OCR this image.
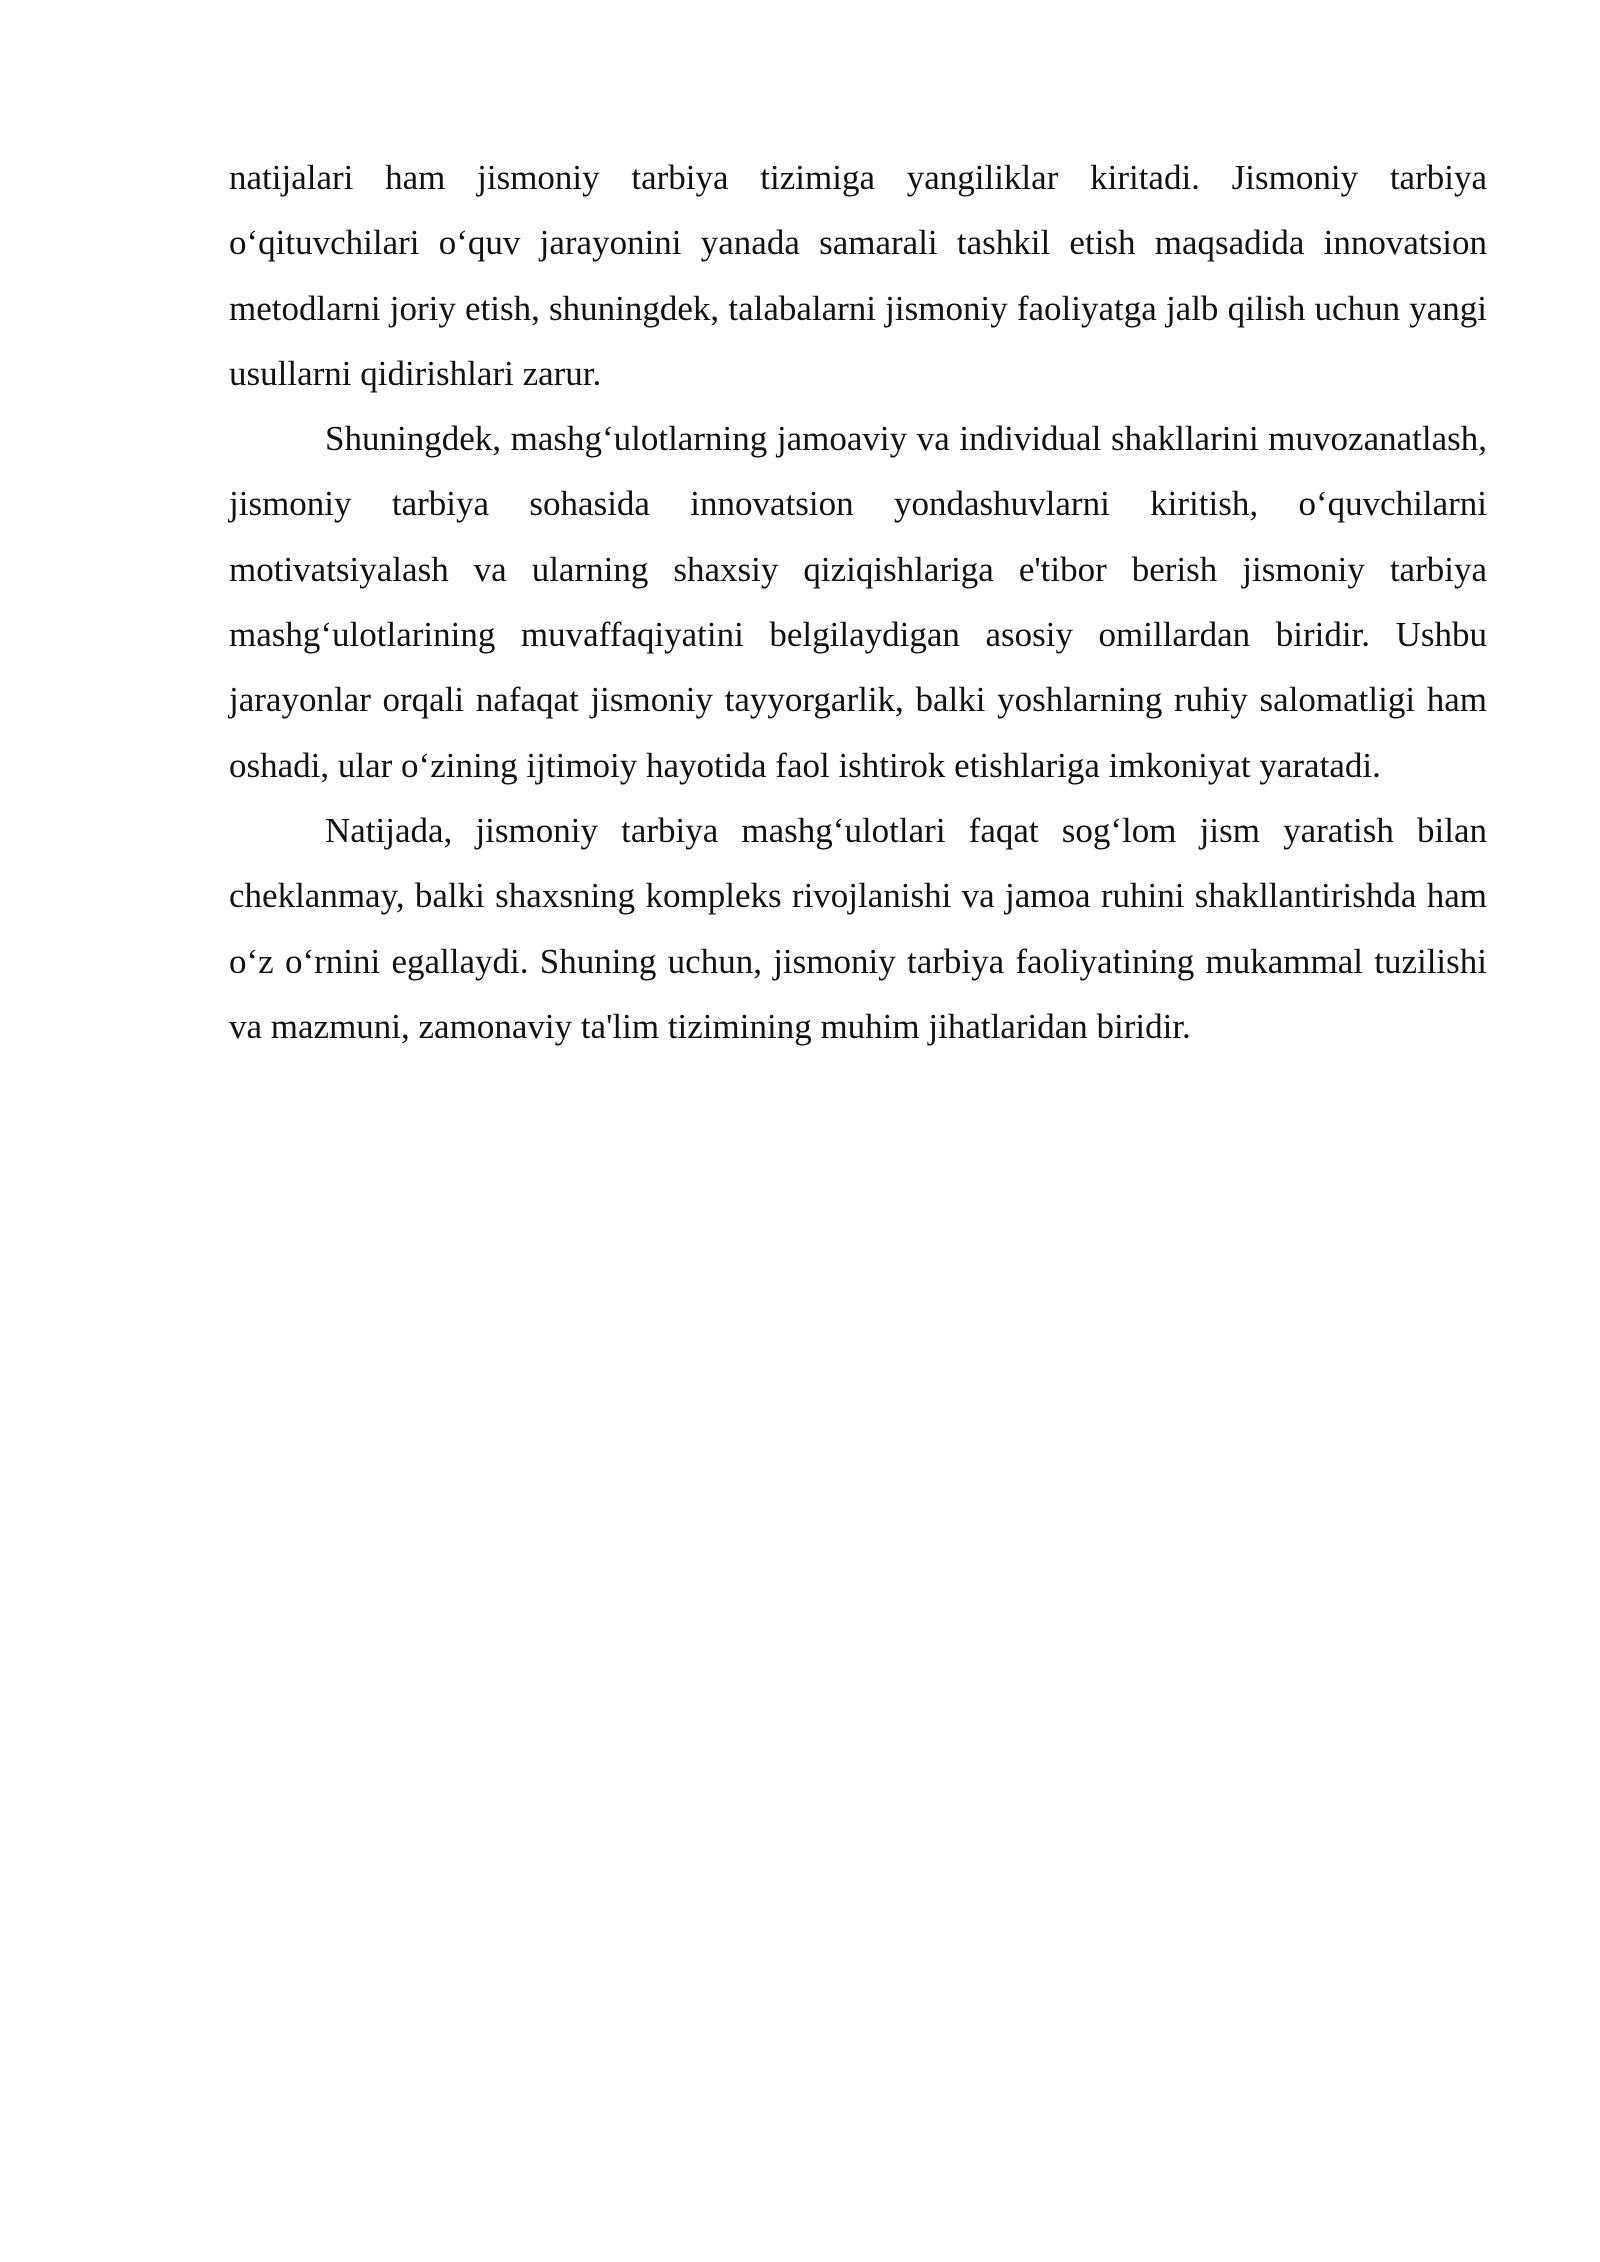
natijalari ham jismoniy tarbiya tizimiga yangiliklar kiritadi. Jismoniy tarbiya oʻqituvchilari oʻquv jarayonini yanada samarali tashkil etish maqsadida innovatsion metodlarni joriy etish, shuningdek, talabalarni jismoniy faoliyatga jalb qilish uchun yangi usullarni qidirishlari zarur.

Shuningdek, mashgʻulotlarning jamoaviy va individual shakllarini muvozanatlash, jismoniy tarbiya sohasida innovatsion yondashuvlarni kiritish, oʻquvchilarni motivatsiyalash va ularning shaxsiy qiziqishlariga e'tibor berish jismoniy tarbiya mashgʻulotlarining muvaffaqiyatini belgilaydigan asosiy omillardan biridir. Ushbu jarayonlar orqali nafaqat jismoniy tayyorgarlik, balki yoshlarning ruhiy salomatligi ham oshadi, ular oʻzining ijtimoiy hayotida faol ishtirok etishlariga imkoniyat yaratadi.

Natijada, jismoniy tarbiya mashgʻulotlari faqat sogʻlom jism yaratish bilan cheklanmay, balki shaxsning kompleks rivojlanishi va jamoa ruhini shakllantirishda ham oʻz oʻrnini egallaydi. Shuning uchun, jismoniy tarbiya faoliyatining mukammal tuzilishi va mazmuni, zamonaviy ta'lim tizimining muhim jihatlaridan biridir.
